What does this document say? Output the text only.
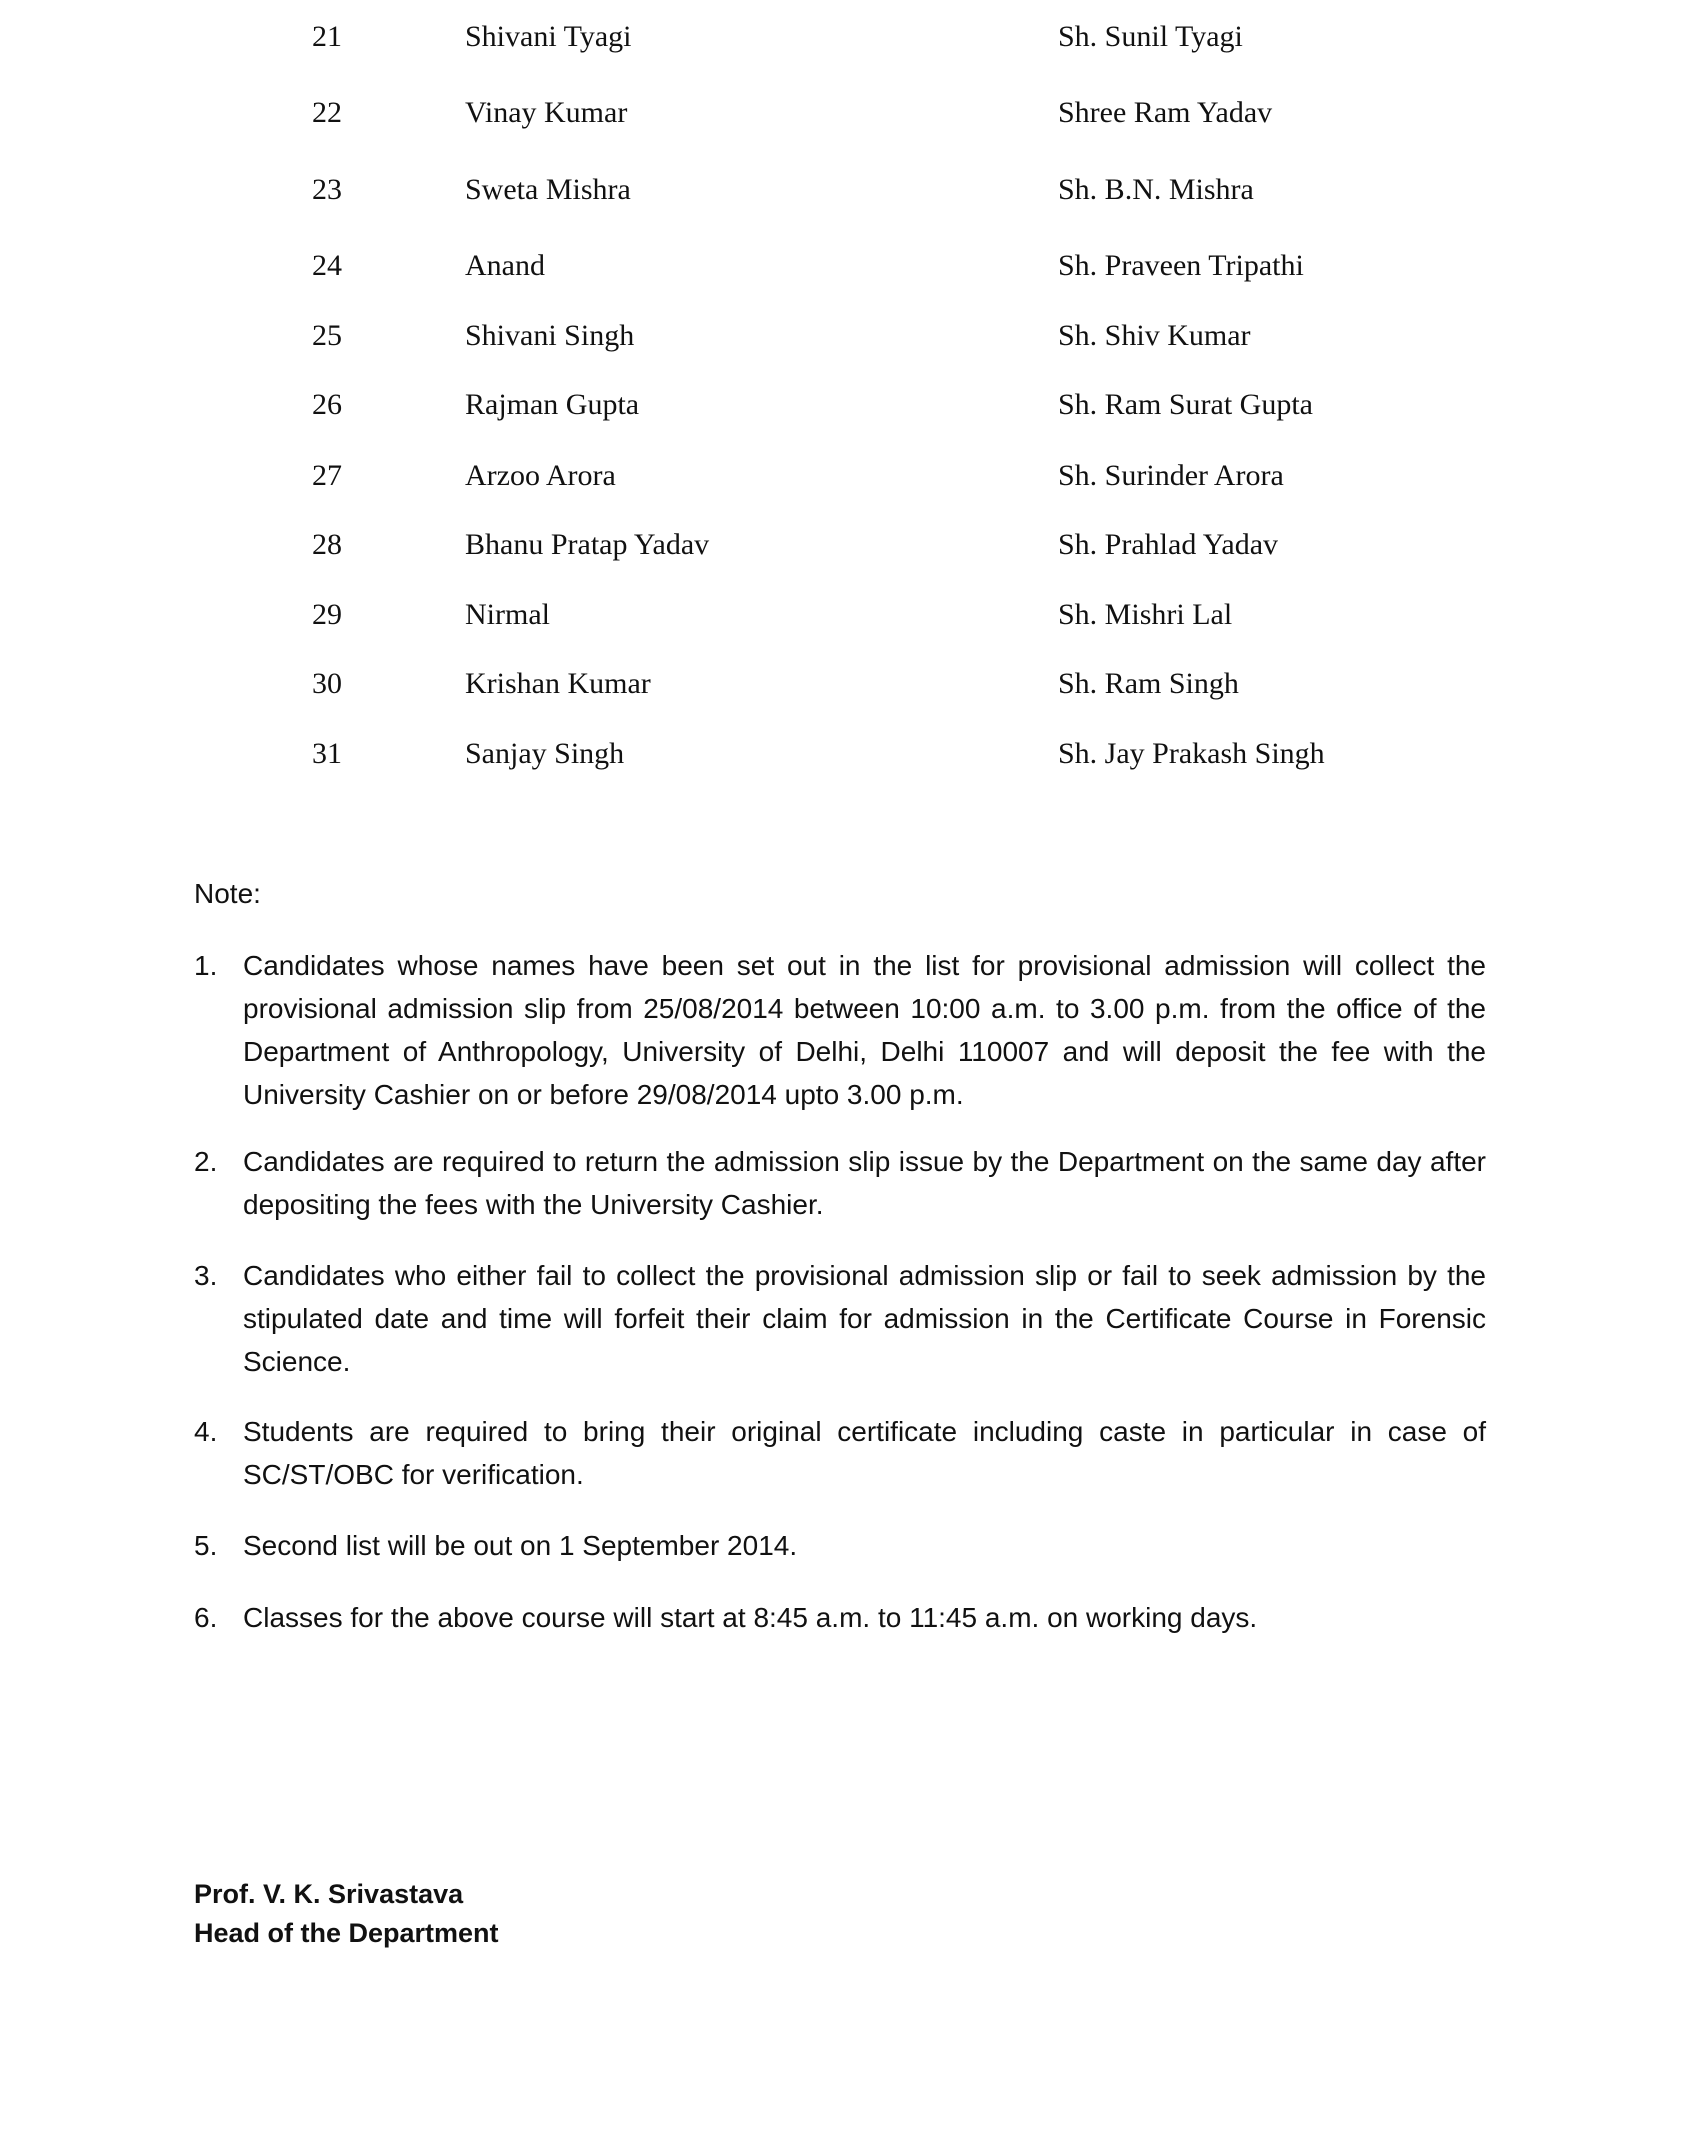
21	Shivani Tyagi	Sh. Sunil Tyagi
22	Vinay Kumar	Shree Ram Yadav
23	Sweta Mishra	Sh. B.N. Mishra
24	Anand	Sh. Praveen Tripathi
25	Shivani Singh	Sh. Shiv Kumar
26	Rajman Gupta	Sh. Ram Surat Gupta
27	Arzoo Arora	Sh. Surinder Arora
28	Bhanu Pratap Yadav	Sh. Prahlad Yadav
29	Nirmal	Sh. Mishri Lal
30	Krishan Kumar	Sh. Ram Singh
31	Sanjay Singh	Sh. Jay Prakash Singh
Note:
1. Candidates whose names have been set out in the list for provisional admission will collect the provisional admission slip from 25/08/2014 between 10:00 a.m. to 3.00 p.m. from the office of the Department of Anthropology, University of Delhi, Delhi 110007 and will deposit the fee with the University Cashier on or before 29/08/2014 upto 3.00 p.m.
2. Candidates are required to return the admission slip issue by the Department on the same day after depositing the fees with the University Cashier.
3. Candidates who either fail to collect the provisional admission slip or fail to seek admission by the stipulated date and time will forfeit their claim for admission in the Certificate Course in Forensic Science.
4. Students are required to bring their original certificate including caste in particular in case of SC/ST/OBC for verification.
5. Second list will be out on 1 September 2014.
6. Classes for the above course will start at 8:45 a.m. to 11:45 a.m. on working days.
Prof. V. K. Srivastava
Head of the Department
